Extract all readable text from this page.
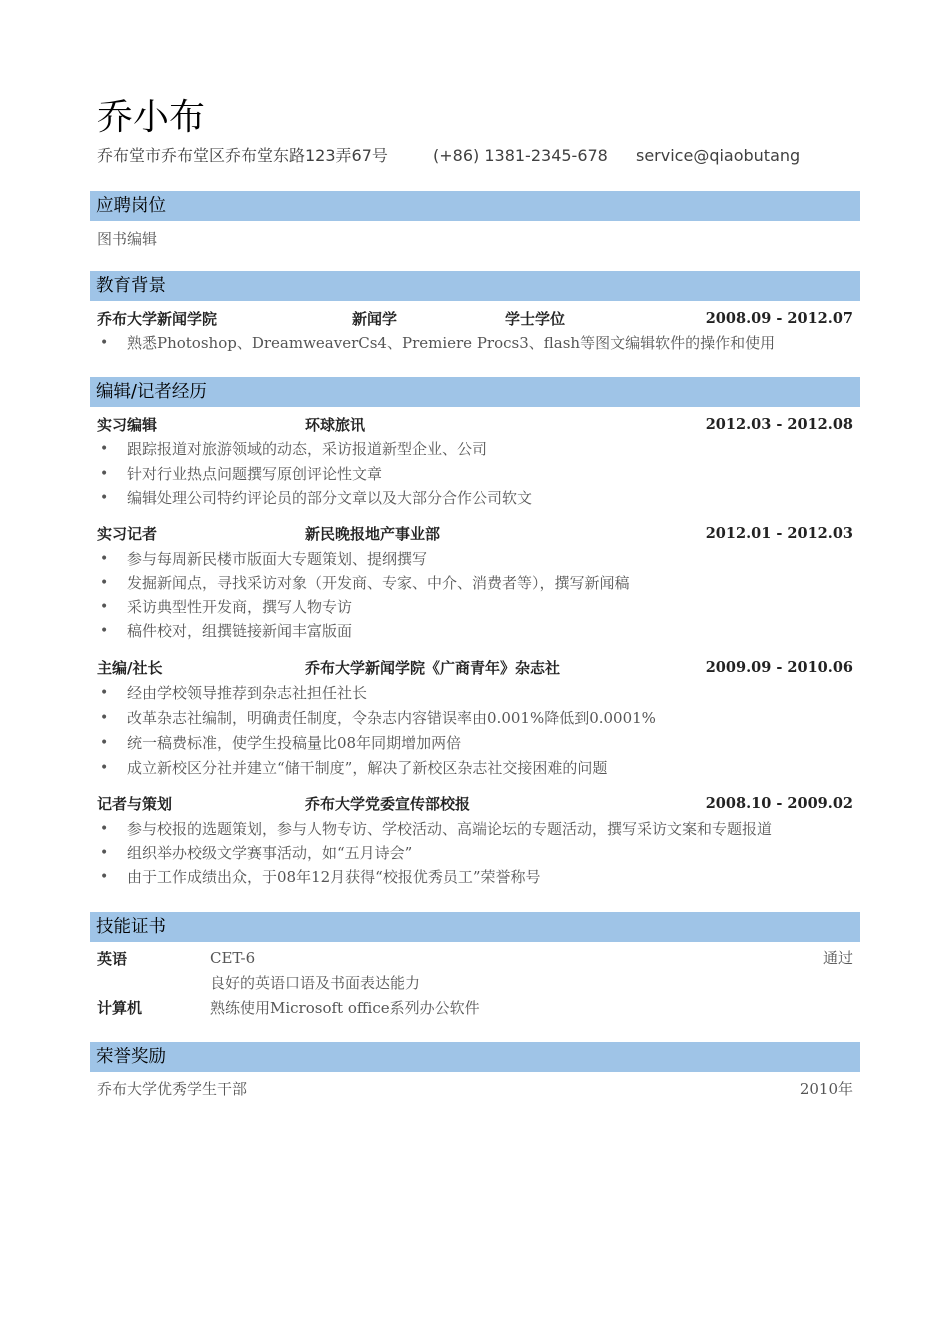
乔小布
乔布堂市乔布堂区乔布堂东路123弄67号	(+86) 1381-2345-678 service@qiaobutang
应聘岗位
图书编辑
教育背景
乔布大学新闻学院	新闻学	学士学位	2008.09 - 2012.07
• 熟悉Photoshop、DreamweaverCs4、Premiere Procs3、flash等图文编辑软件的操作和使用
编辑/记者经历
实习编辑	环球旅讯	2012.03 - 2012.08
• 跟踪报道对旅游领域的动态，采访报道新型企业、公司
• 针对行业热点问题撰写原创评论性文章
• 编辑处理公司特约评论员的部分文章以及大部分合作公司软文
实习记者	新民晚报地产事业部	2012.01 - 2012.03
• 参与每周新民楼市版面大专题策划、提纲撰写
• 发掘新闻点，寻找采访对象（开发商、专家、中介、消费者等），撰写新闻稿
• 采访典型性开发商，撰写人物专访
• 稿件校对，组撰链接新闻丰富版面
主编/社长	乔布大学新闻学院《广商青年》杂志社	2009.09 - 2010.06
• 经由学校领导推荐到杂志社担任社长
• 改革杂志社编制，明确责任制度，令杂志内容错误率由0.001%降低到0.0001%
• 统一稿费标准，使学生投稿量比08年同期增加两倍
• 成立新校区分社并建立“储干制度”，解决了新校区杂志社交接困难的问题
记者与策划	乔布大学党委宣传部校报	2008.10 - 2009.02
• 参与校报的选题策划，参与人物专访、学校活动、高端论坛的专题活动，撰写采访文案和专题报道
• 组织举办校级文学赛事活动，如“五月诗会”
• 由于工作成绩出众，于08年12月获得“校报优秀员工”荣誉称号
技能证书
英语	CET-6	通过
良好的英语口语及书面表达能力
计算机	熟练使用Microsoft office系列办公软件
荣誉奖励
乔布大学优秀学生干部	2010年
